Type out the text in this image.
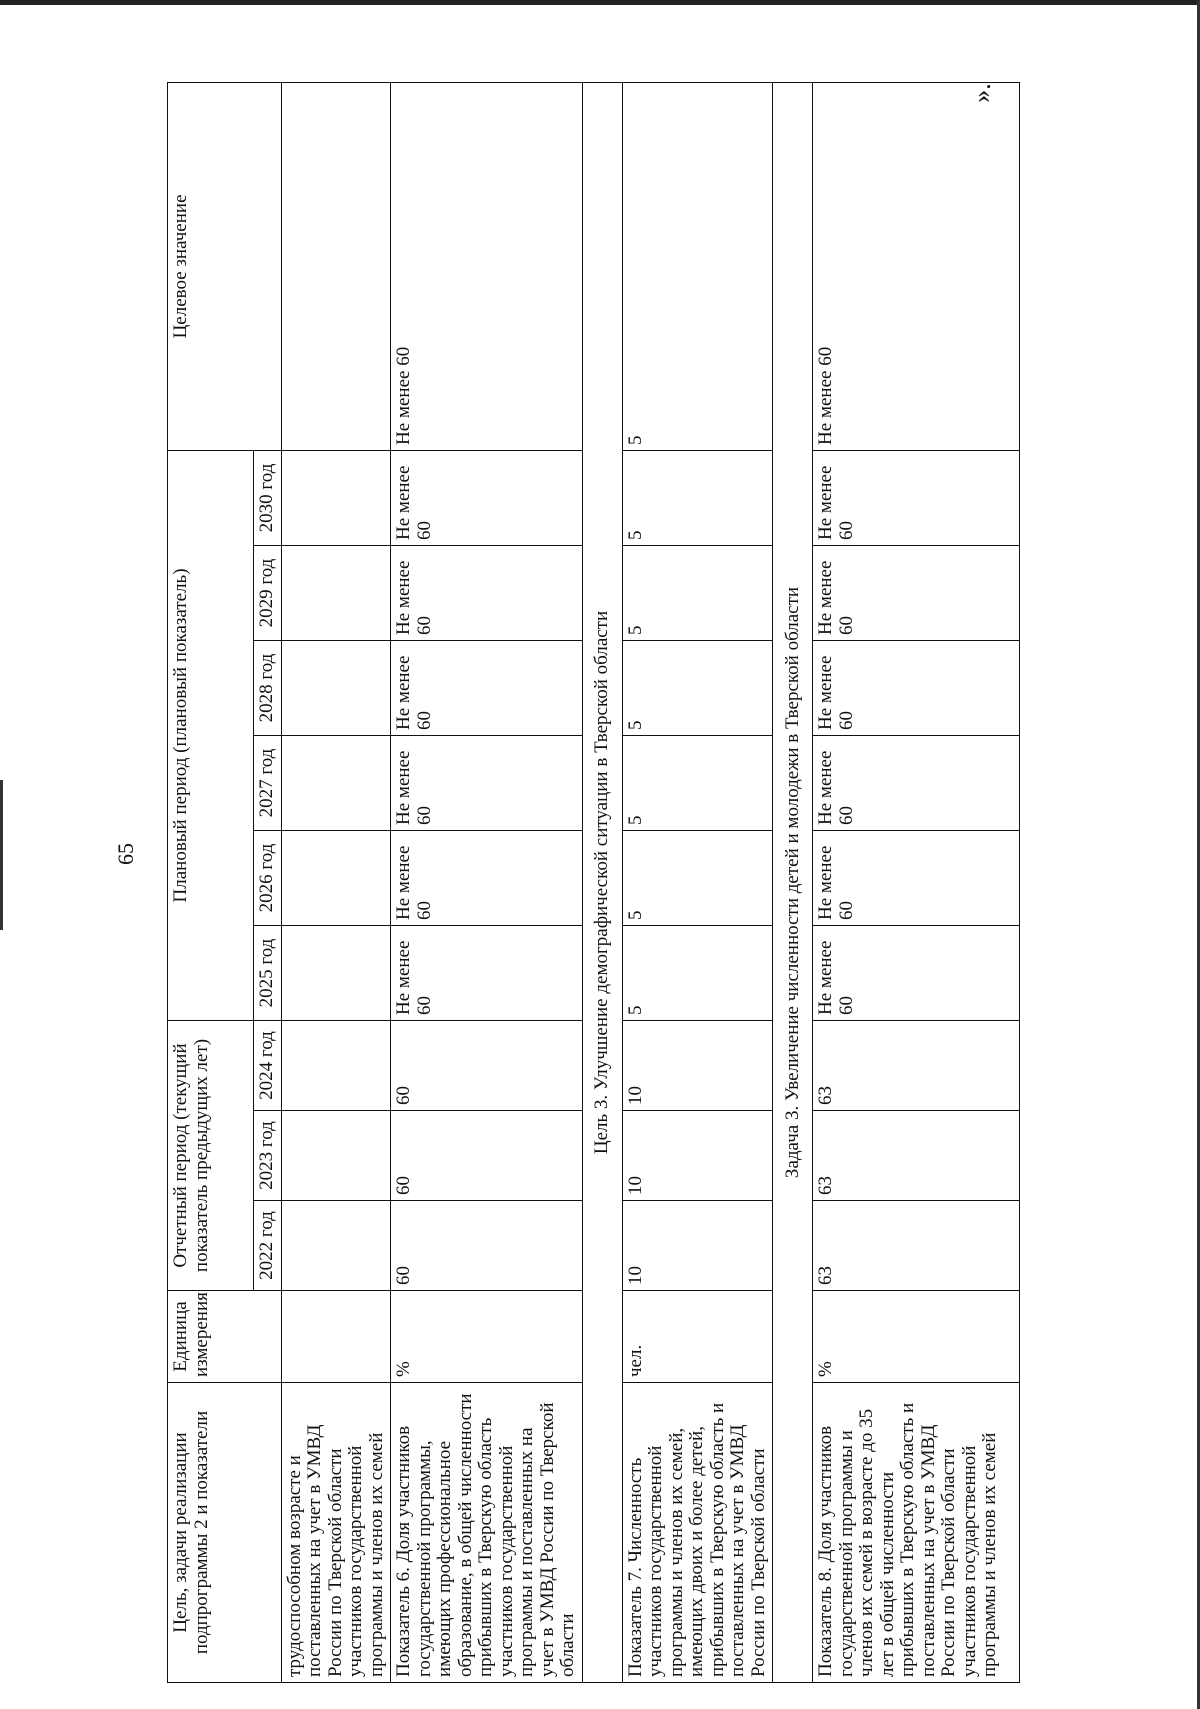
65
».
Цель, задачи реализации подпрограммы 2 и показатели	Единица измерения	Отчетный период (текущий показатель предыдущих лет)			Плановый период (плановый показатель)						Целевое значение
		2022 год	2023 год	2024 год	2025 год	2026 год	2027 год	2028 год	2029 год	2030 год	
трудоспособном возрасте и поставленных на учет в УМВД России по Тверской области участников государственной программы и членов их семей											
Показатель 6. Доля участников государственной программы, имеющих профессиональное образование, в общей численности прибывших в Тверскую область участников государственной программы и поставленных на учет в УМВД России по Тверской области	%	60	60	60	Не менее 60	Не менее 60	Не менее 60	Не менее 60	Не менее 60	Не менее 60	Не менее 60
Цель 3. Улучшение демографической ситуации в Тверской области											
Показатель 7. Численность участников государственной программы и членов их семей, имеющих двоих и более детей, прибывших в Тверскую область и поставленных на учет в УМВД России по Тверской области	чел.	10	10	10	5	5	5	5	5	5	5
Задача 3. Увеличение численности детей и молодежи в Тверской области											
Показатель 8. Доля участников государственной программы и членов их семей в возрасте до 35 лет в общей численности прибывших в Тверскую область и поставленных на учет в УМВД России по Тверской области участников государственной программы и членов их семей	%	63	63	63	Не менее 60	Не менее 60	Не менее 60	Не менее 60	Не менее 60	Не менее 60	Не менее 60
